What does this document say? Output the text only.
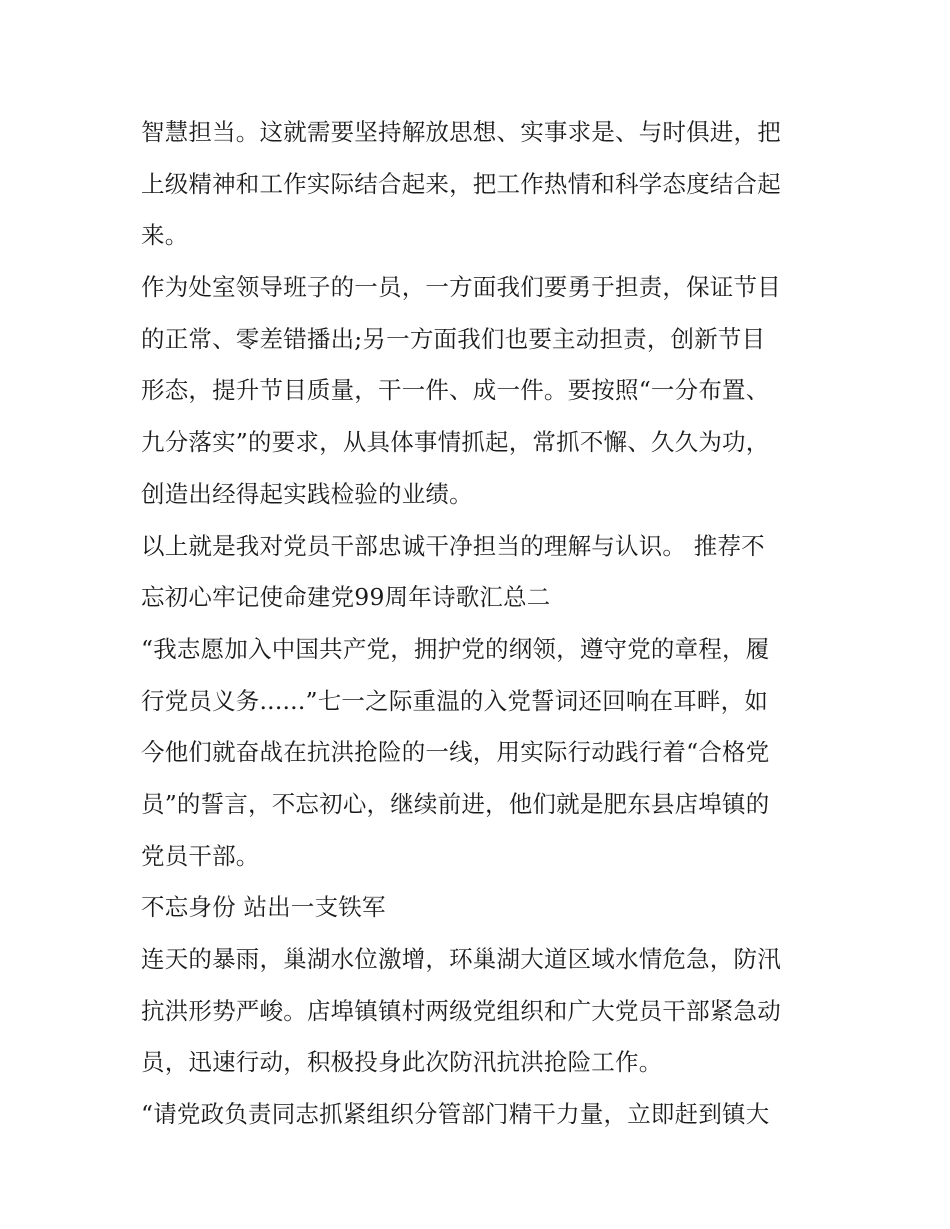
智慧担当。这就需要坚持解放思想、实事求是、与时俱进，把
上级精神和工作实际结合起来，把工作热情和科学态度结合起
来。
作为处室领导班子的一员，一方面我们要勇于担责，保证节目
的正常、零差错播出;另一方面我们也要主动担责，创新节目
形态，提升节目质量，干一件、成一件。要按照“一分布置、
九分落实”的要求，从具体事情抓起，常抓不懈、久久为功，
创造出经得起实践检验的业绩。
以上就是我对党员干部忠诚干净担当的理解与认识。 推荐不
忘初心牢记使命建党99周年诗歌汇总二
“我志愿加入中国共产党，拥护党的纲领，遵守党的章程，履
行党员义务......”七一之际重温的入党誓词还回响在耳畔，如
今他们就奋战在抗洪抢险的一线，用实际行动践行着“合格党
员”的誓言，不忘初心，继续前进，他们就是肥东县店埠镇的
党员干部。
不忘身份 站出一支铁军
连天的暴雨，巢湖水位激增，环巢湖大道区域水情危急，防汛
抗洪形势严峻。店埠镇镇村两级党组织和广大党员干部紧急动
员，迅速行动，积极投身此次防汛抗洪抢险工作。
“请党政负责同志抓紧组织分管部门精干力量，立即赶到镇大
